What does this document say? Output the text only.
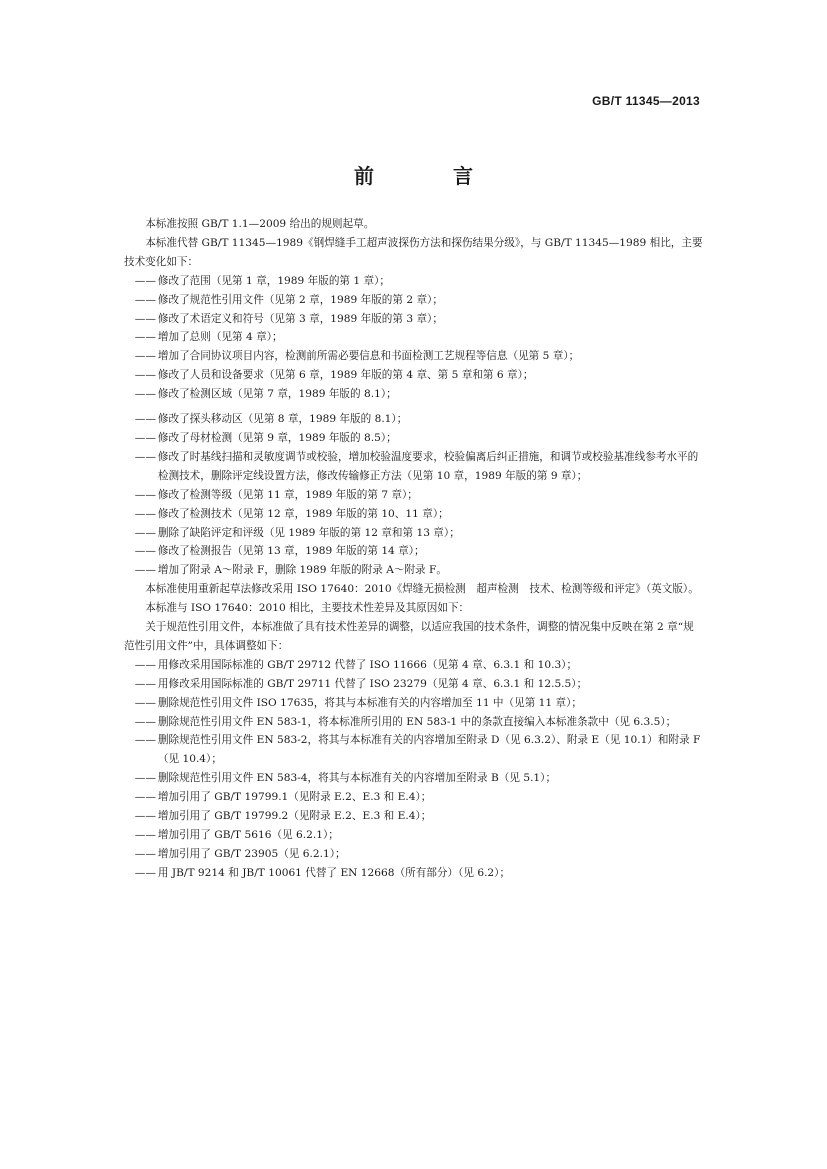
GB/T 11345—2013
前 言

本标准按照 GB/T 1.1—2009 给出的规则起草。

本标准代替 GB/T 11345—1989《钢焊缝手工超声波探伤方法和探伤结果分级》，与 GB/T 11345—1989 相比，主要技术变化如下：

—— 修改了范围（见第 1 章，1989 年版的第 1 章）；

—— 修改了规范性引用文件（见第 2 章，1989 年版的第 2 章）；

—— 修改了术语定义和符号（见第 3 章，1989 年版的第 3 章）；

—— 增加了总则（见第 4 章）；

—— 增加了合同协议项目内容，检测前所需必要信息和书面检测工艺规程等信息（见第 5 章）；

—— 修改了人员和设备要求（见第 6 章，1989 年版的第 4 章、第 5 章和第 6 章）；

—— 修改了检测区域（见第 7 章，1989 年版的 8.1）；

—— 修改了探头移动区（见第 8 章，1989 年版的 8.1）；

—— 修改了母材检测（见第 9 章，1989 年版的 8.5）；

—— 修改了时基线扫描和灵敏度调节或校验，增加校验温度要求，校验偏离后纠正措施，和调节或校验基准线参考水平的检测技术，删除评定线设置方法，修改传输修正方法（见第 10 章，1989 年版的第 9 章）；

—— 修改了检测等级（见第 11 章，1989 年版的第 7 章）；

—— 修改了检测技术（见第 12 章，1989 年版的第 10、11 章）；

—— 删除了缺陷评定和评级（见 1989 年版的第 12 章和第 13 章）；

—— 修改了检测报告（见第 13 章，1989 年版的第 14 章）；

—— 增加了附录 A～附录 F，删除 1989 年版的附录 A～附录 F。

本标准使用重新起草法修改采用 ISO 17640：2010《焊缝无损检测　超声检测　技术、检测等级和评定》（英文版）。

本标准与 ISO 17640：2010 相比，主要技术性差异及其原因如下：

关于规范性引用文件，本标准做了具有技术性差异的调整，以适应我国的技术条件，调整的情况集中反映在第 2 章“规范性引用文件”中，具体调整如下：

—— 用修改采用国际标准的 GB/T 29712 代替了 ISO 11666（见第 4 章、6.3.1 和 10.3）；

—— 用修改采用国际标准的 GB/T 29711 代替了 ISO 23279（见第 4 章、6.3.1 和 12.5.5）；

—— 删除规范性引用文件 ISO 17635，将其与本标准有关的内容增加至 11 中（见第 11 章）；

—— 删除规范性引用文件 EN 583-1，将本标准所引用的 EN 583-1 中的条款直接编入本标准条款中（见 6.3.5）；

—— 删除规范性引用文件 EN 583-2，将其与本标准有关的内容增加至附录 D（见 6.3.2）、附录 E（见 10.1）和附录 F（见 10.4）；

—— 删除规范性引用文件 EN 583-4，将其与本标准有关的内容增加至附录 B（见 5.1）；

—— 增加引用了 GB/T 19799.1（见附录 E.2、E.3 和 E.4）；

—— 增加引用了 GB/T 19799.2（见附录 E.2、E.3 和 E.4）；

—— 增加引用了 GB/T 5616（见 6.2.1）；

—— 增加引用了 GB/T 23905（见 6.2.1）；

—— 用 JB/T 9214 和 JB/T 10061 代替了 EN 12668（所有部分）（见 6.2）；
